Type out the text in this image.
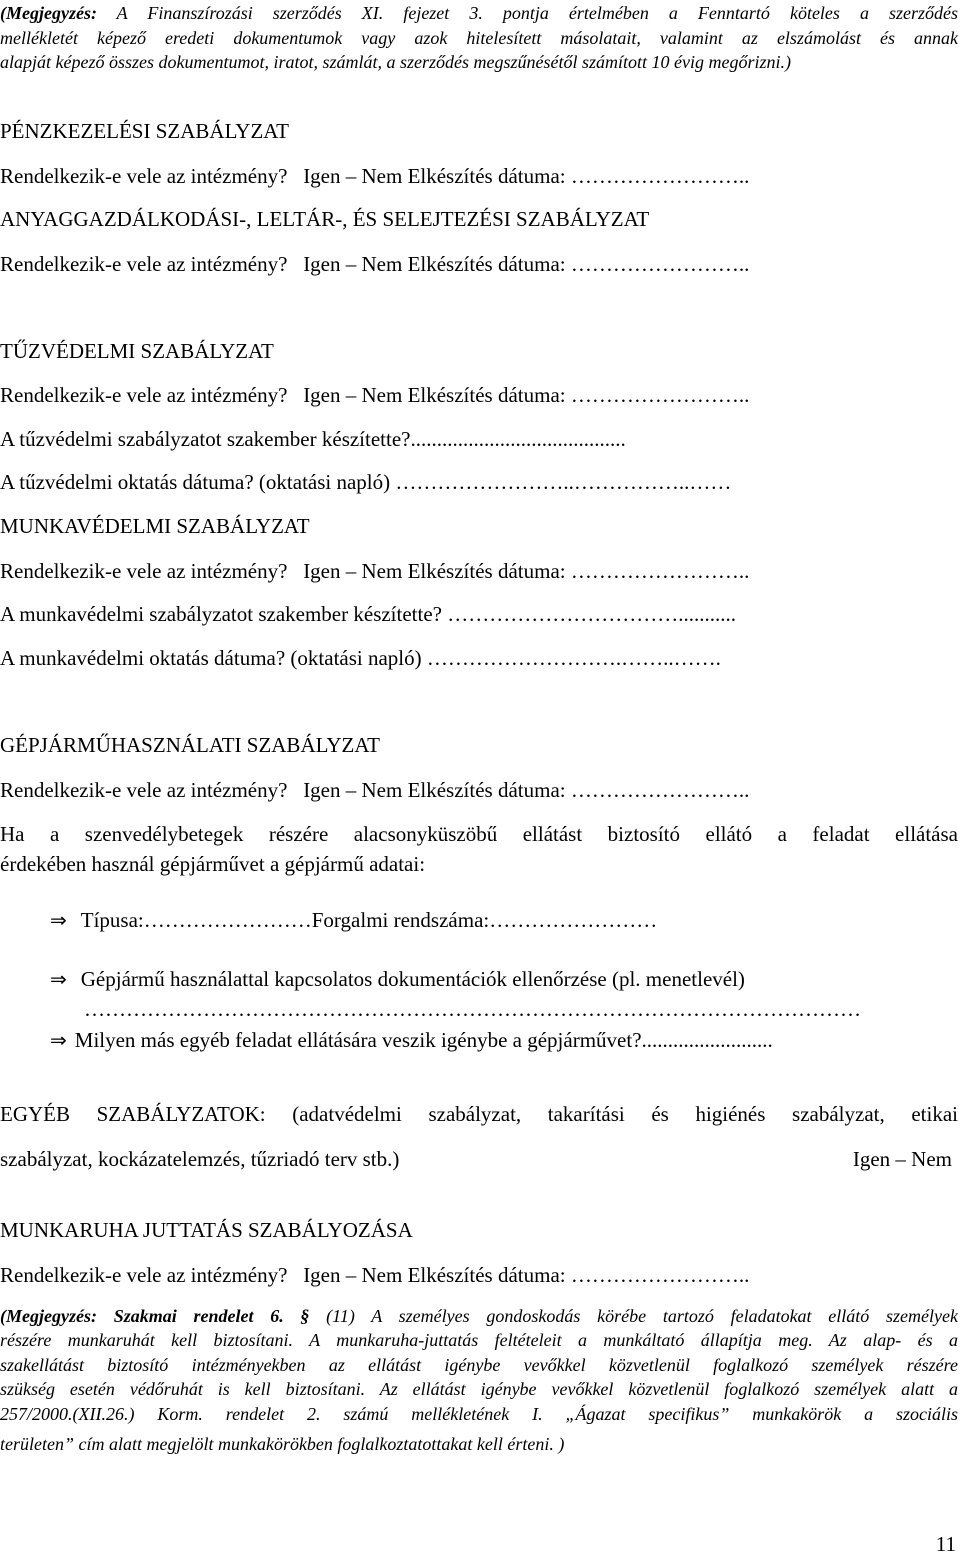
(Megjegyzés: A Finanszírozási szerződés XI. fejezet 3. pontja értelmében a Fenntartó köteles a szerződés
mellékletét képező eredeti dokumentumok vagy azok hitelesített másolatait, valamint az elszámolást és annak
alapját képező összes dokumentumot, iratot, számlát, a szerződés megszűnésétől számított 10 évig megőrizni.)
PÉNZKEZELÉSI SZABÁLYZAT
Rendelkezik-e vele az intézmény? Igen – Nem Elkészítés dátuma: ……………………..
ANYAGGAZDÁLKODÁSI-, LELTÁR-, ÉS SELEJTEZÉSI SZABÁLYZAT
Rendelkezik-e vele az intézmény? Igen – Nem Elkészítés dátuma: ……………………..
TŰZVÉDELMI SZABÁLYZAT
Rendelkezik-e vele az intézmény? Igen – Nem Elkészítés dátuma: ……………………..
A tűzvédelmi szabályzatot szakember készítette?.........................................
A tűzvédelmi oktatás dátuma? (oktatási napló) ……………………..……………..……
MUNKAVÉDELMI SZABÁLYZAT
Rendelkezik-e vele az intézmény? Igen – Nem Elkészítés dátuma: ……………………..
A munkavédelmi szabályzatot szakember készítette? ……………………………...........
A munkavédelmi oktatás dátuma? (oktatási napló) ……………………….……..…….
GÉPJÁRMŰHASZNÁLATI SZABÁLYZAT
Rendelkezik-e vele az intézmény? Igen – Nem Elkészítés dátuma: ……………………..
Ha a szenvedélybetegek részére alacsonyküszöbű ellátást biztosító ellátó a feladat ellátása
érdekében használ gépjárművet a gépjármű adatai:
⇒ Típusa:……………………Forgalmi rendszáma:……………………
⇒ Gépjármű használattal kapcsolatos dokumentációk ellenőrzése (pl. menetlevél)
…………………………………………………………………………………………………
⇒ Milyen más egyéb feladat ellátására veszik igénybe a gépjárművet?.........................
EGYÉB SZABÁLYZATOK: (adatvédelmi szabályzat, takarítási és higiénés szabályzat, etikai
szabályzat, kockázatelemzés, tűzriadó terv stb.)	Igen – Nem
MUNKARUHA JUTTATÁS SZABÁLYOZÁSA
Rendelkezik-e vele az intézmény? Igen – Nem Elkészítés dátuma: ……………………..
(Megjegyzés: Szakmai rendelet 6. § (11) A személyes gondoskodás körébe tartozó feladatokat ellátó személyek
részére munkaruhát kell biztosítani. A munkaruha-juttatás feltételeit a munkáltató állapítja meg. Az alap- és a
szakellátást biztosító intézményekben az ellátást igénybe vevőkkel közvetlenül foglalkozó személyek részére
szükség esetén védőruhát is kell biztosítani. Az ellátást igénybe vevőkkel közvetlenül foglalkozó személyek alatt a
257/2000.(XII.26.) Korm. rendelet 2. számú mellékletének I. „Ágazat specifikus” munkakörök a szociális
területen” cím alatt megjelölt munkakörökben foglalkoztatottakat kell érteni. )
11
